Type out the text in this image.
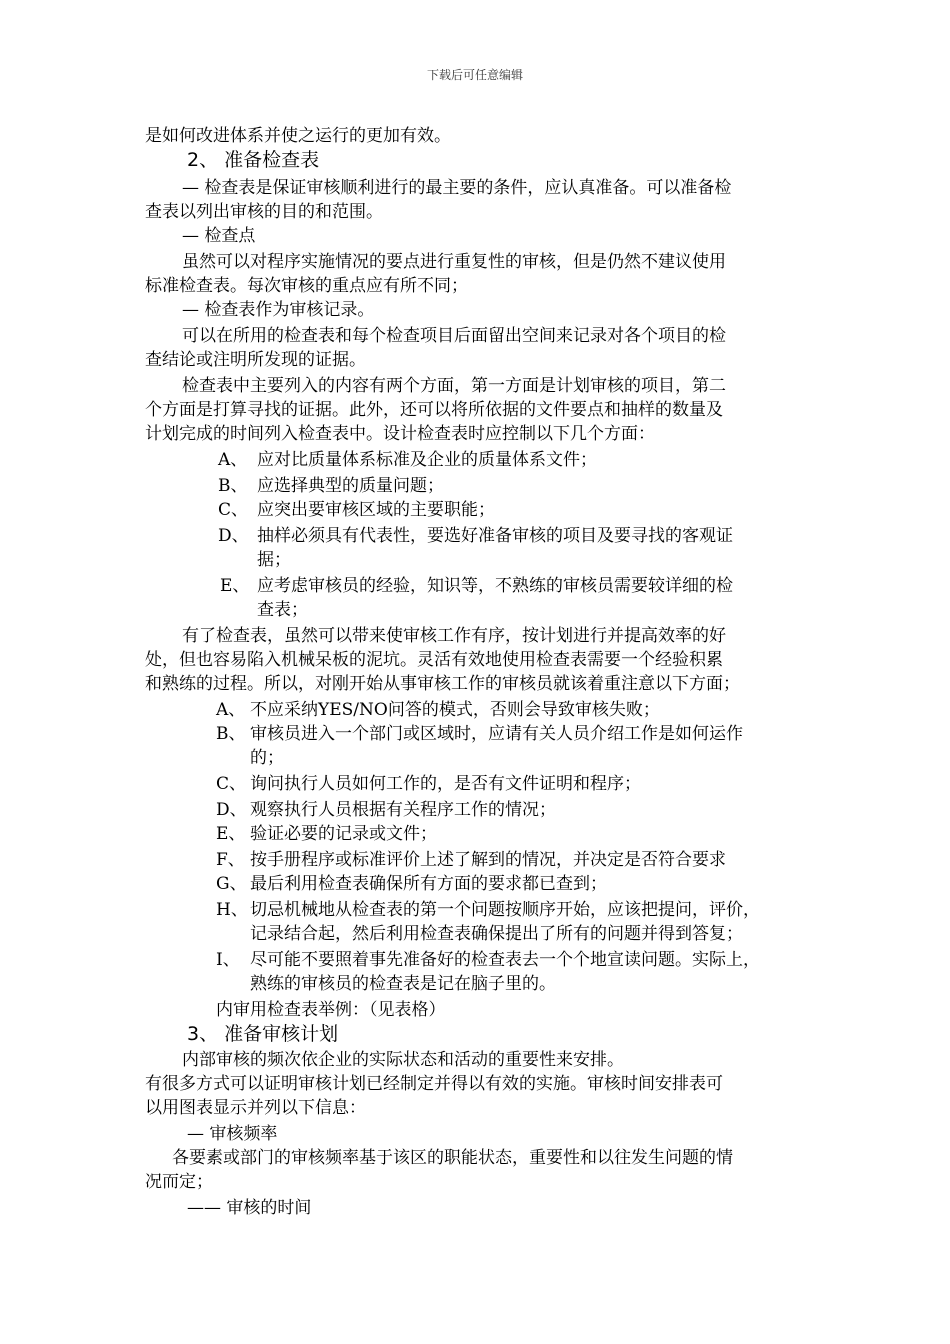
下载后可任意编辑
是如何改进体系并使之运行的更加有效。
2、 准备检查表
— 检查表是保证审核顺利进行的最主要的条件，应认真准备。可以准备检
查表以列出审核的目的和范围。
— 检查点
虽然可以对程序实施情况的要点进行重复性的审核，但是仍然不建议使用
标准检查表。每次审核的重点应有所不同；
— 检查表作为审核记录。
可以在所用的检查表和每个检查项目后面留出空间来记录对各个项目的检
查结论或注明所发现的证据。
检查表中主要列入的内容有两个方面，第一方面是计划审核的项目，第二
个方面是打算寻找的证据。此外，还可以将所依据的文件要点和抽样的数量及
计划完成的时间列入检查表中。设计检查表时应控制以下几个方面：
A、 应对比质量体系标准及企业的质量体系文件；
B、 应选择典型的质量问题；
C、 应突出要审核区域的主要职能；
D、 抽样必须具有代表性，要选好准备审核的项目及要寻找的客观证
据；
E、 应考虑审核员的经验，知识等，不熟练的审核员需要较详细的检
查表；
有了检查表，虽然可以带来使审核工作有序，按计划进行并提高效率的好
处，但也容易陷入机械呆板的泥坑。灵活有效地使用检查表需要一个经验积累
和熟练的过程。所以，对刚开始从事审核工作的审核员就该着重注意以下方面；
A、 不应采纳YES/NO问答的模式，否则会导致审核失败；
B、 审核员进入一个部门或区域时，应请有关人员介绍工作是如何运作
的；
C、 询问执行人员如何工作的，是否有文件证明和程序；
D、 观察执行人员根据有关程序工作的情况；
E、 验证必要的记录或文件；
F、 按手册程序或标准评价上述了解到的情况，并决定是否符合要求
G、 最后利用检查表确保所有方面的要求都已查到；
H、 切忌机械地从检查表的第一个问题按顺序开始，应该把提问，评价，
记录结合起，然后利用检查表确保提出了所有的问题并得到答复；
I、 尽可能不要照着事先准备好的检查表去一个个地宣读问题。实际上，
熟练的审核员的检查表是记在脑子里的。
内审用检查表举例：（见表格）
3、 准备审核计划
内部审核的频次依企业的实际状态和活动的重要性来安排。
有很多方式可以证明审核计划已经制定并得以有效的实施。审核时间安排表可
以用图表显示并列以下信息：
— 审核频率
各要素或部门的审核频率基于该区的职能状态，重要性和以往发生问题的情
况而定；
—— 审核的时间
